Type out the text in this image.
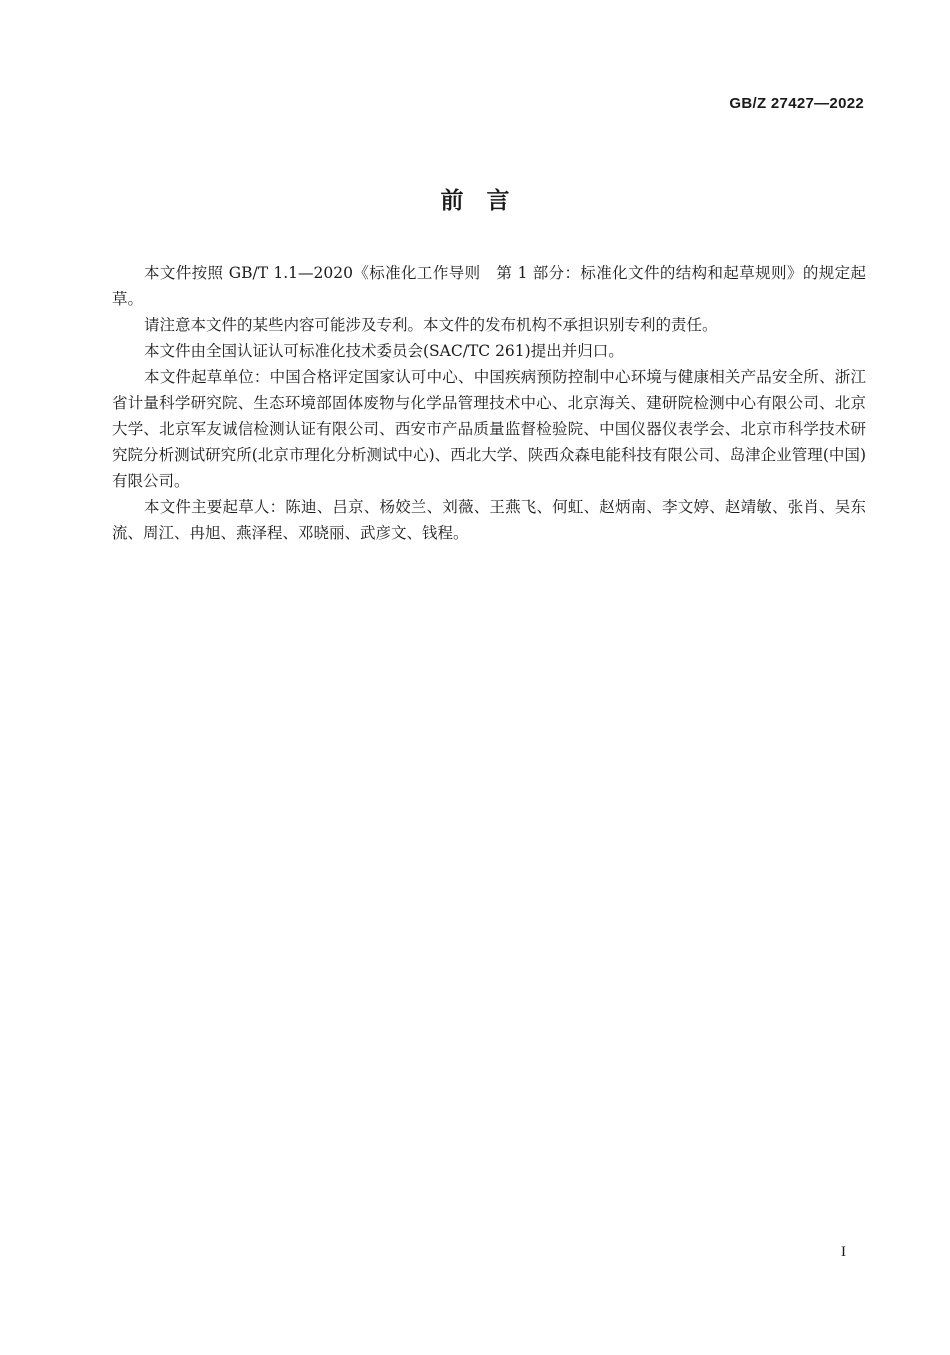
GB/Z 27427—2022
前　言

本文件按照 GB/T 1.1—2020《标准化工作导则　第 1 部分：标准化文件的结构和起草规则》的规定起草。

请注意本文件的某些内容可能涉及专利。本文件的发布机构不承担识别专利的责任。

本文件由全国认证认可标准化技术委员会(SAC/TC 261)提出并归口。

本文件起草单位：中国合格评定国家认可中心、中国疾病预防控制中心环境与健康相关产品安全所、浙江省计量科学研究院、生态环境部固体废物与化学品管理技术中心、北京海关、建研院检测中心有限公司、北京大学、北京军友诚信检测认证有限公司、西安市产品质量监督检验院、中国仪器仪表学会、北京市科学技术研究院分析测试研究所(北京市理化分析测试中心)、西北大学、陕西众森电能科技有限公司、岛津企业管理(中国)有限公司。

本文件主要起草人：陈迪、吕京、杨姣兰、刘薇、王燕飞、何虹、赵炳南、李文婷、赵靖敏、张肖、吴东流、周江、冉旭、燕泽程、邓晓丽、武彦文、钱程。

I
